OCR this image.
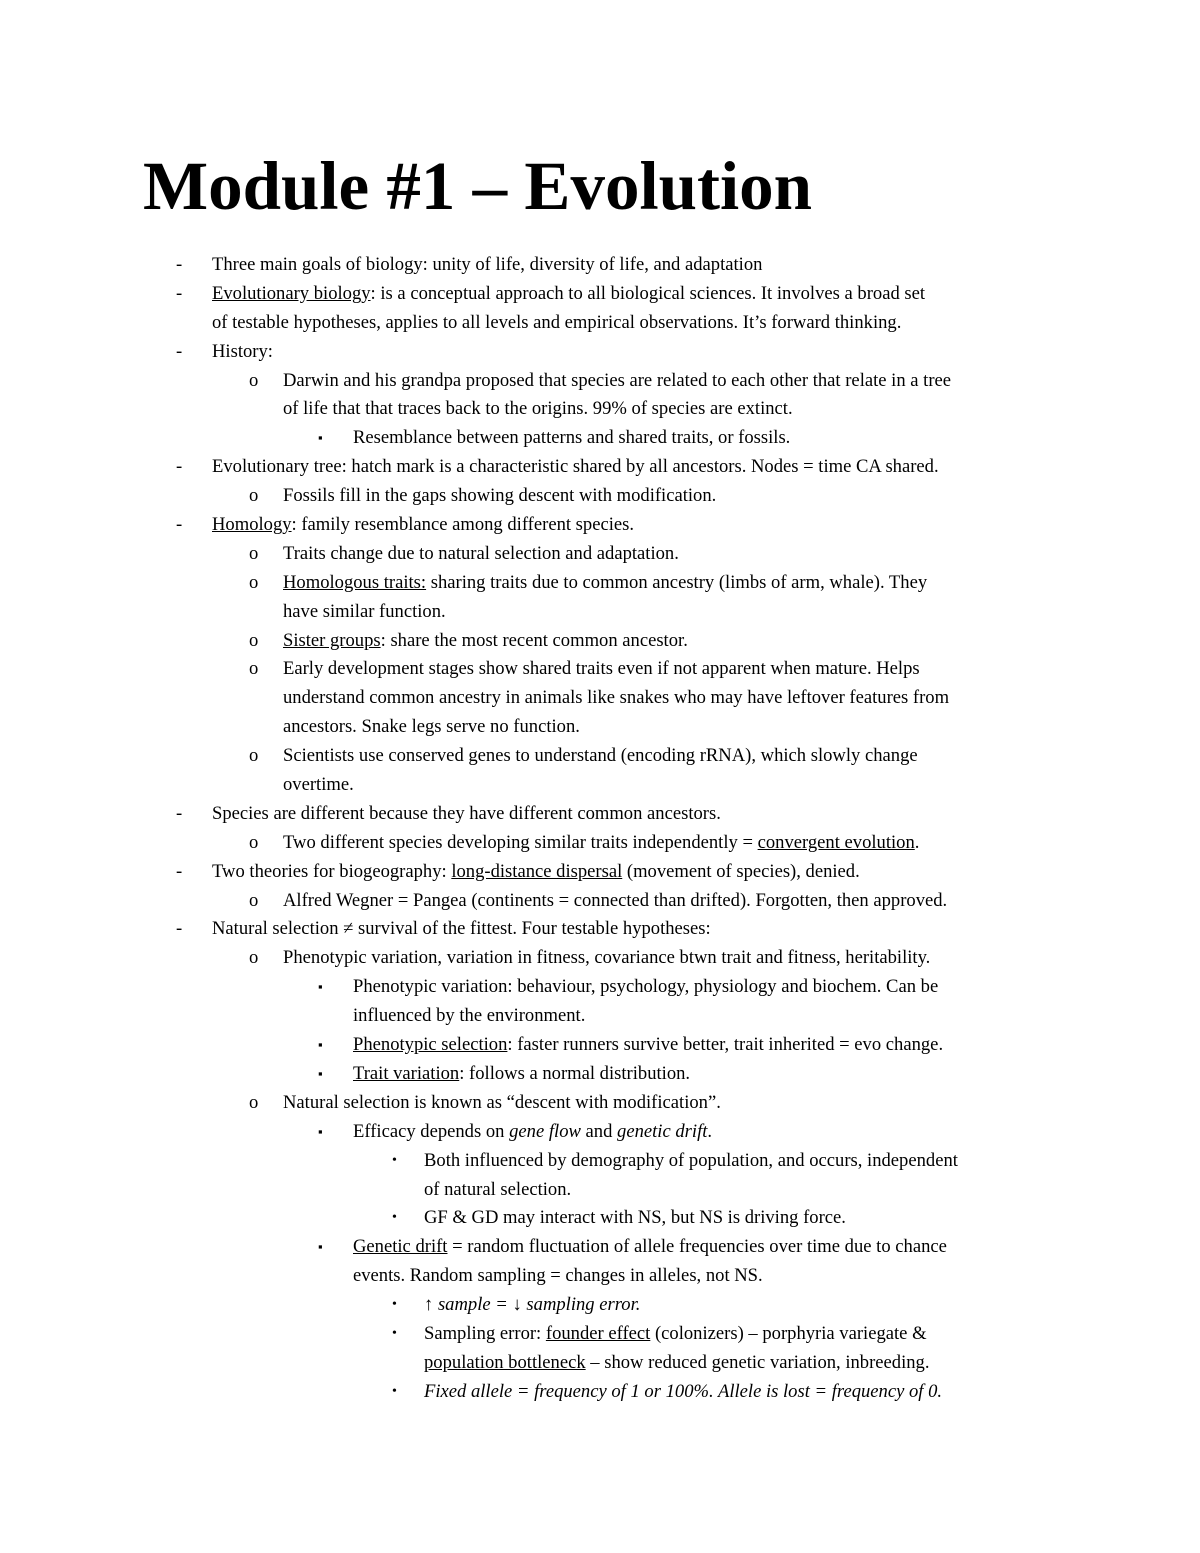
Module #1 – Evolution
- Three main goals of biology: unity of life, diversity of life, and adaptation
- Evolutionary biology: is a conceptual approach to all biological sciences. It involves a broad set
of testable hypotheses, applies to all levels and empirical observations. It’s forward thinking.
- History:
o Darwin and his grandpa proposed that species are related to each other that relate in a tree
of life that that traces back to the origins. 99% of species are extinct.
▪ Resemblance between patterns and shared traits, or fossils.
- Evolutionary tree: hatch mark is a characteristic shared by all ancestors. Nodes = time CA shared.
o Fossils fill in the gaps showing descent with modification.
- Homology: family resemblance among different species.
o Traits change due to natural selection and adaptation.
o Homologous traits: sharing traits due to common ancestry (limbs of arm, whale). They
have similar function.
o Sister groups: share the most recent common ancestor.
o Early development stages show shared traits even if not apparent when mature. Helps
understand common ancestry in animals like snakes who may have leftover features from
ancestors. Snake legs serve no function.
o Scientists use conserved genes to understand (encoding rRNA), which slowly change
overtime.
- Species are different because they have different common ancestors.
o Two different species developing similar traits independently = convergent evolution.
- Two theories for biogeography: long-distance dispersal (movement of species), denied.
o Alfred Wegner = Pangea (continents = connected than drifted). Forgotten, then approved.
- Natural selection ≠ survival of the fittest. Four testable hypotheses:
o Phenotypic variation, variation in fitness, covariance btwn trait and fitness, heritability.
▪ Phenotypic variation: behaviour, psychology, physiology and biochem. Can be
influenced by the environment.
▪ Phenotypic selection: faster runners survive better, trait inherited = evo change.
▪ Trait variation: follows a normal distribution.
o Natural selection is known as “descent with modification”.
▪ Efficacy depends on gene flow and genetic drift.
• Both influenced by demography of population, and occurs, independent
of natural selection.
• GF & GD may interact with NS, but NS is driving force.
▪ Genetic drift = random fluctuation of allele frequencies over time due to chance
events. Random sampling = changes in alleles, not NS.
• ↑ sample = ↓ sampling error.
• Sampling error: founder effect (colonizers) – porphyria variegate &
population bottleneck – show reduced genetic variation, inbreeding.
• Fixed allele = frequency of 1 or 100%. Allele is lost = frequency of 0.
